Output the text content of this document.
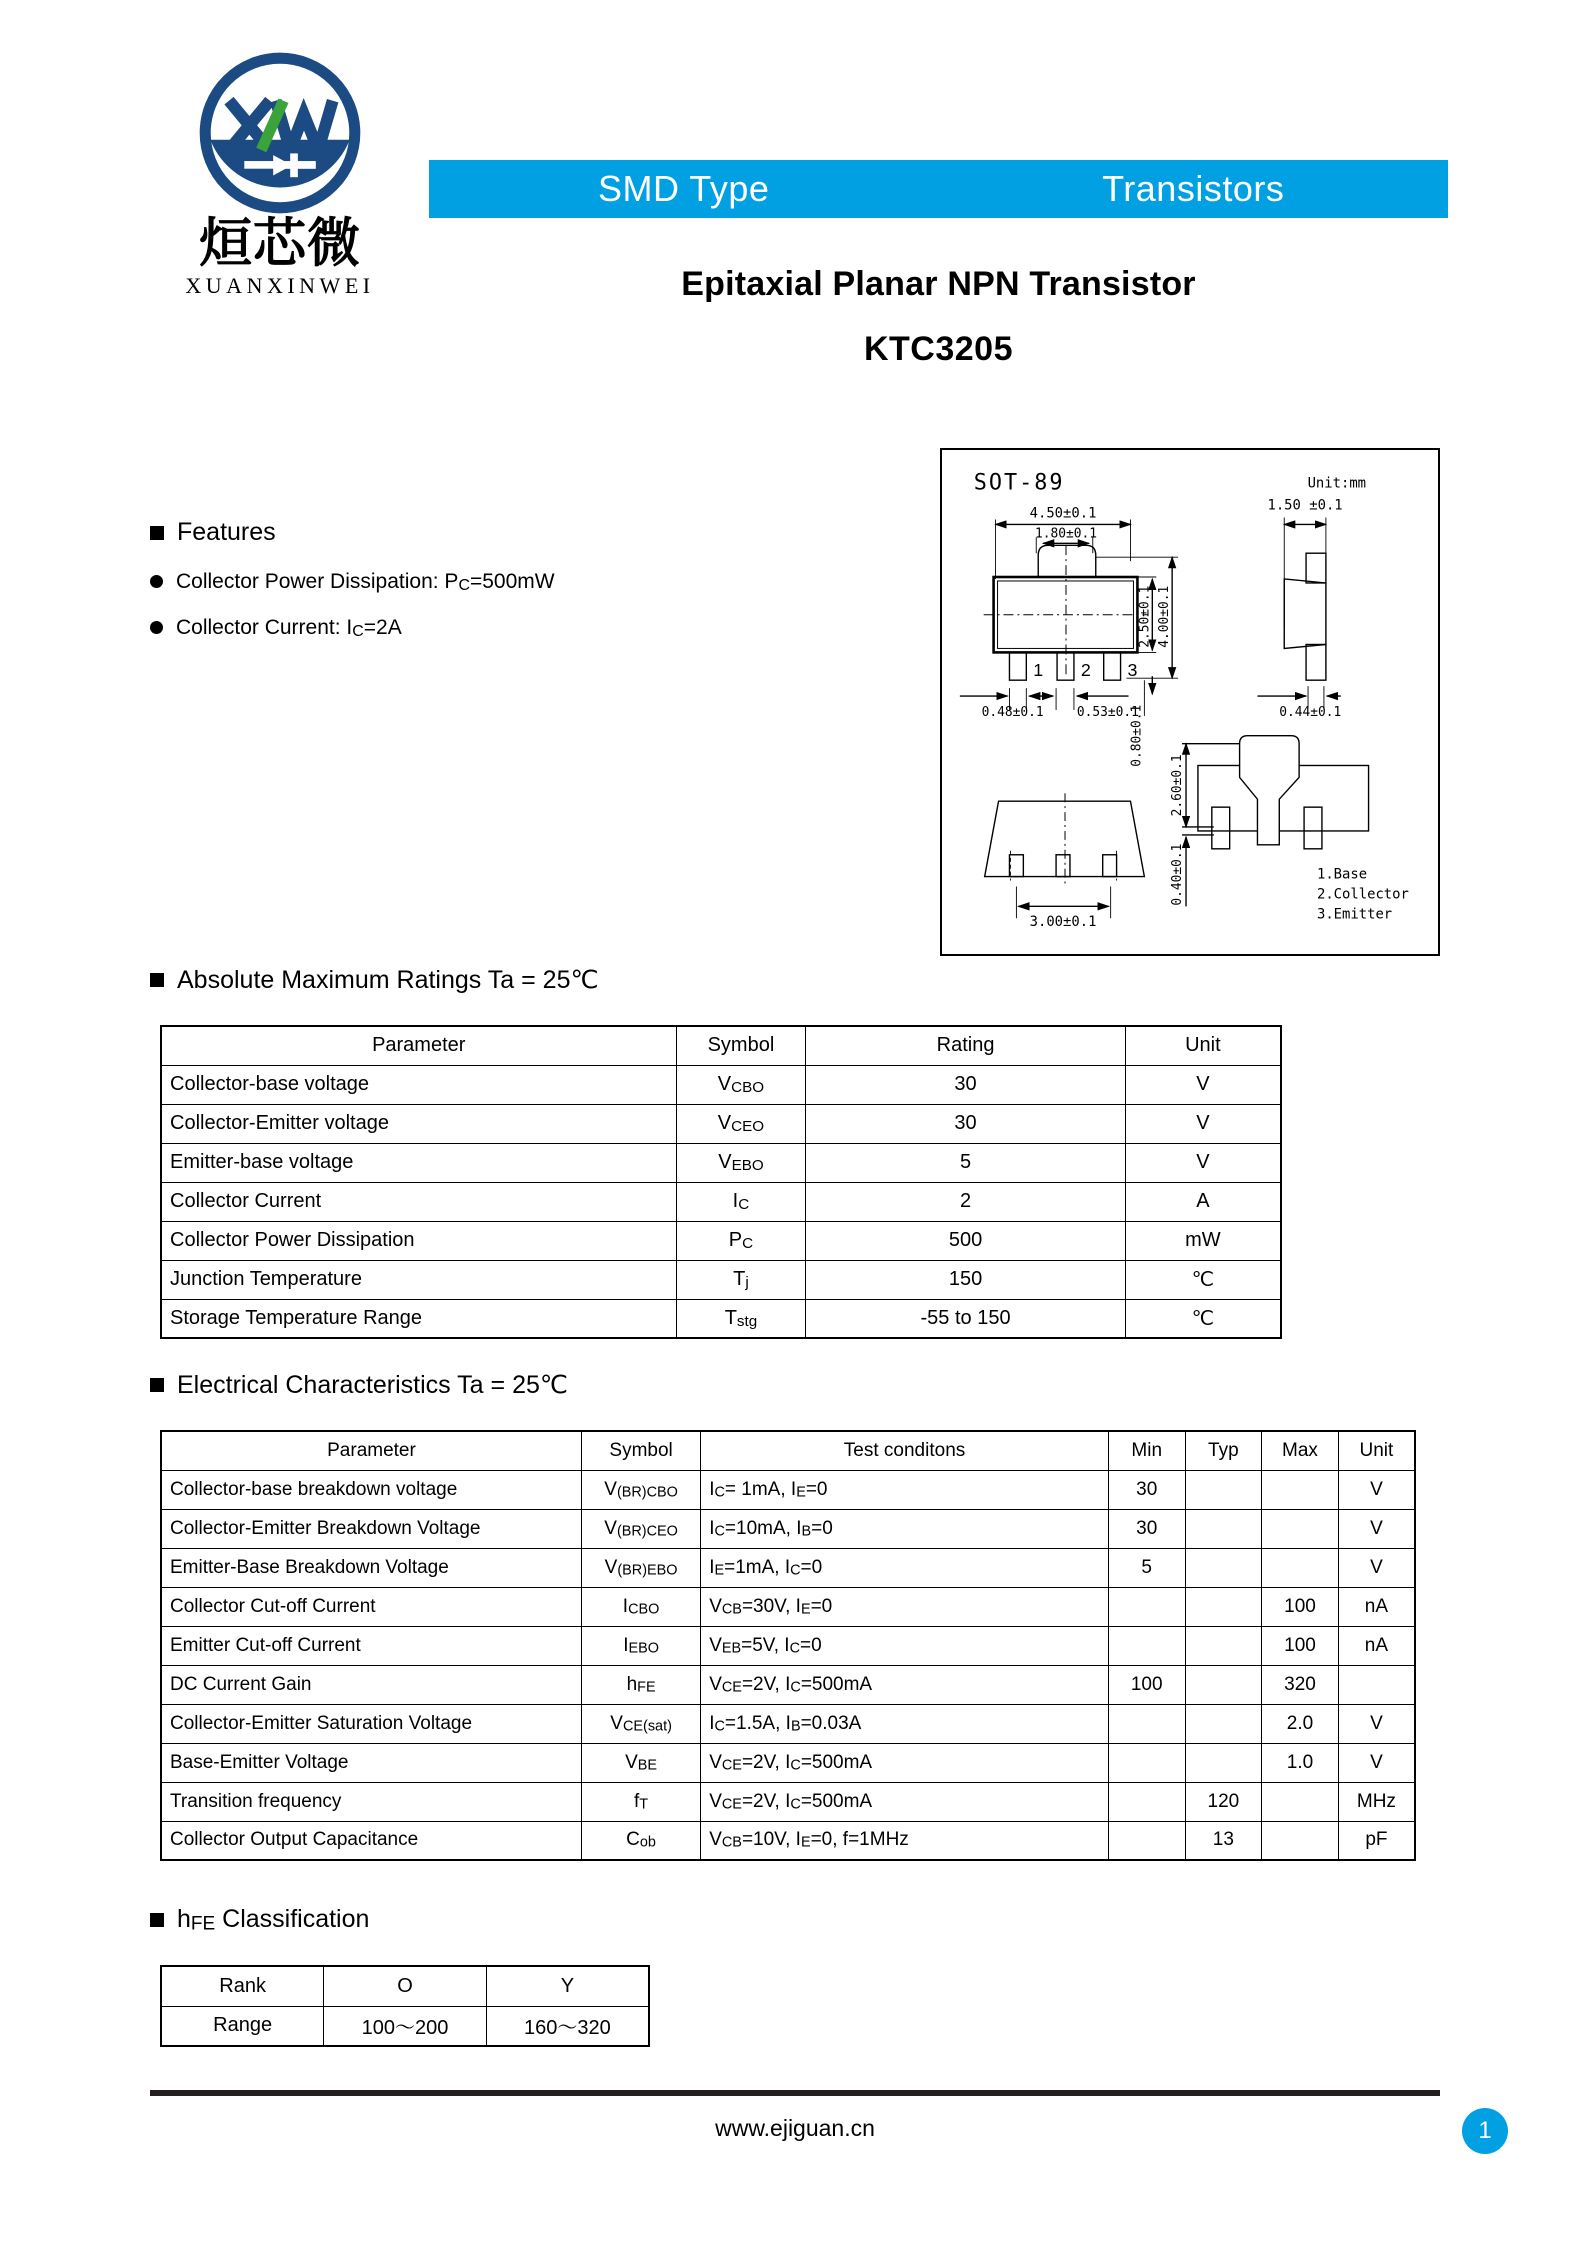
烜芯微
XUANXINWEI
SMD Type	Transistors
Epitaxial Planar NPN Transistor
KTC3205
Features
Collector Power Dissipation: PC=500mW
Collector Current: IC=2A
SOT-89	Unit:mm
4.50±0.1
1.80±0.1
2.50±0.1 4.00±0.1
0.48±0.1	0.53±0.1
0.80±0.1
1.50 ±0.1
0.44±0.1
3.00±0.1
2.60±0.1
0.40±0.1
1 2 3
1.Base
2.Collector
3.Emitter
Absolute Maximum Ratings Ta = 25℃
Parameter	Symbol	Rating	Unit
Collector-base voltage	VCBO	30	V
Collector-Emitter voltage	VCEO	30	V
Emitter-base voltage	VEBO	5	V
Collector Current	IC	2	A
Collector Power Dissipation	PC	500	mW
Junction Temperature	Tj	150	℃
Storage Temperature Range	Tstg	-55 to 150	℃
Electrical Characteristics Ta = 25℃
Parameter	Symbol	Test conditons	Min	Typ	Max	Unit
Collector-base breakdown voltage	V(BR)CBO	IC= 1mA, IE=0	30			V
Collector-Emitter Breakdown Voltage	V(BR)CEO	IC=10mA, IB=0	30			V
Emitter-Base Breakdown Voltage	V(BR)EBO	IE=1mA, IC=0	5			V
Collector Cut-off Current	ICBO	VCB=30V, IE=0			100	nA
Emitter Cut-off Current	IEBO	VEB=5V, IC=0			100	nA
DC Current Gain	hFE	VCE=2V, IC=500mA	100		320	
Collector-Emitter Saturation Voltage	VCE(sat)	IC=1.5A, IB=0.03A			2.0	V
Base-Emitter Voltage	VBE	VCE=2V, IC=500mA			1.0	V
Transition frequency	fT	VCE=2V, IC=500mA		120		MHz
Collector Output Capacitance	Cob	VCB=10V, IE=0, f=1MHz		13		pF
hFE Classification
Rank	O	Y
Range	100～200	160～320
www.ejiguan.cn	1
